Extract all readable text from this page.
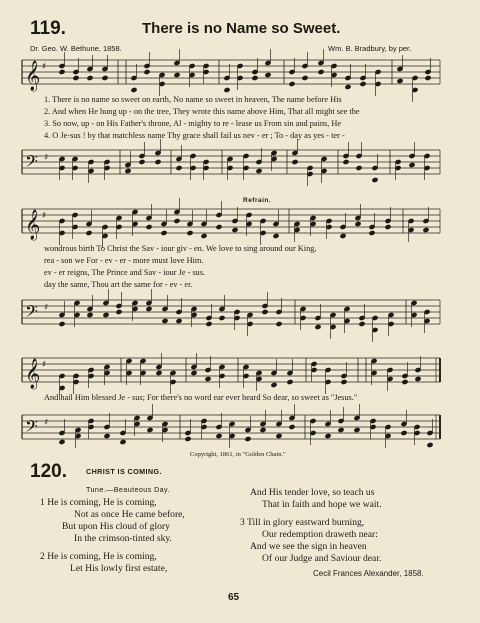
119.	There is no Name so Sweet.
Dr. Geo. W. Bethune, 1858.	Wm. B. Bradbury, by per.
𝄞 ♯
1. There is no name so sweet on earth, No name so sweet in heaven, The name before His
2. And when He hung up - on the tree, They wrote this name above Him, That all might see the
3. So now, up - on His Father's throne, Al - mighty to re - lease us From sin and pains, He
4. O Je-sus ! by that matchless name Thy grace shall fail us nev - er ; To - day as yes - ter -
𝄢 ♯
Refrain.
𝄞 ♯
wondrous birth To Christ the Sav - iour giv - en. We love to sing around our King,
rea - son we For - ev - er - more must love Him.
ev - er reigns, The Prince and Sav - iour Je - sus.
day the same, Thou art the same for - ev - er.
𝄢 ♯
𝄞 ♯
And hail Him blessed Je - sus; For there's no word ear ever heard So dear, so sweet as "Jesus."
𝄢 ♯
Copyright, 1861, in "Golden Chain."
120.	CHRIST IS COMING.
Tune.—Beauteous Day.
1 He is coming, He is coming,
Not as once He came before,
But upon His cloud of glory
In the crimson-tinted sky.
2 He is coming, He is coming,
Let His lowly first estate,
And His tender love, so teach us
That in faith and hope we wait.
3 Till in glory eastward burning,
Our redemption draweth near:
And we see the sign in heaven
Of our Judge and Saviour dear.
Cecil Frances Alexander, 1858.
65
